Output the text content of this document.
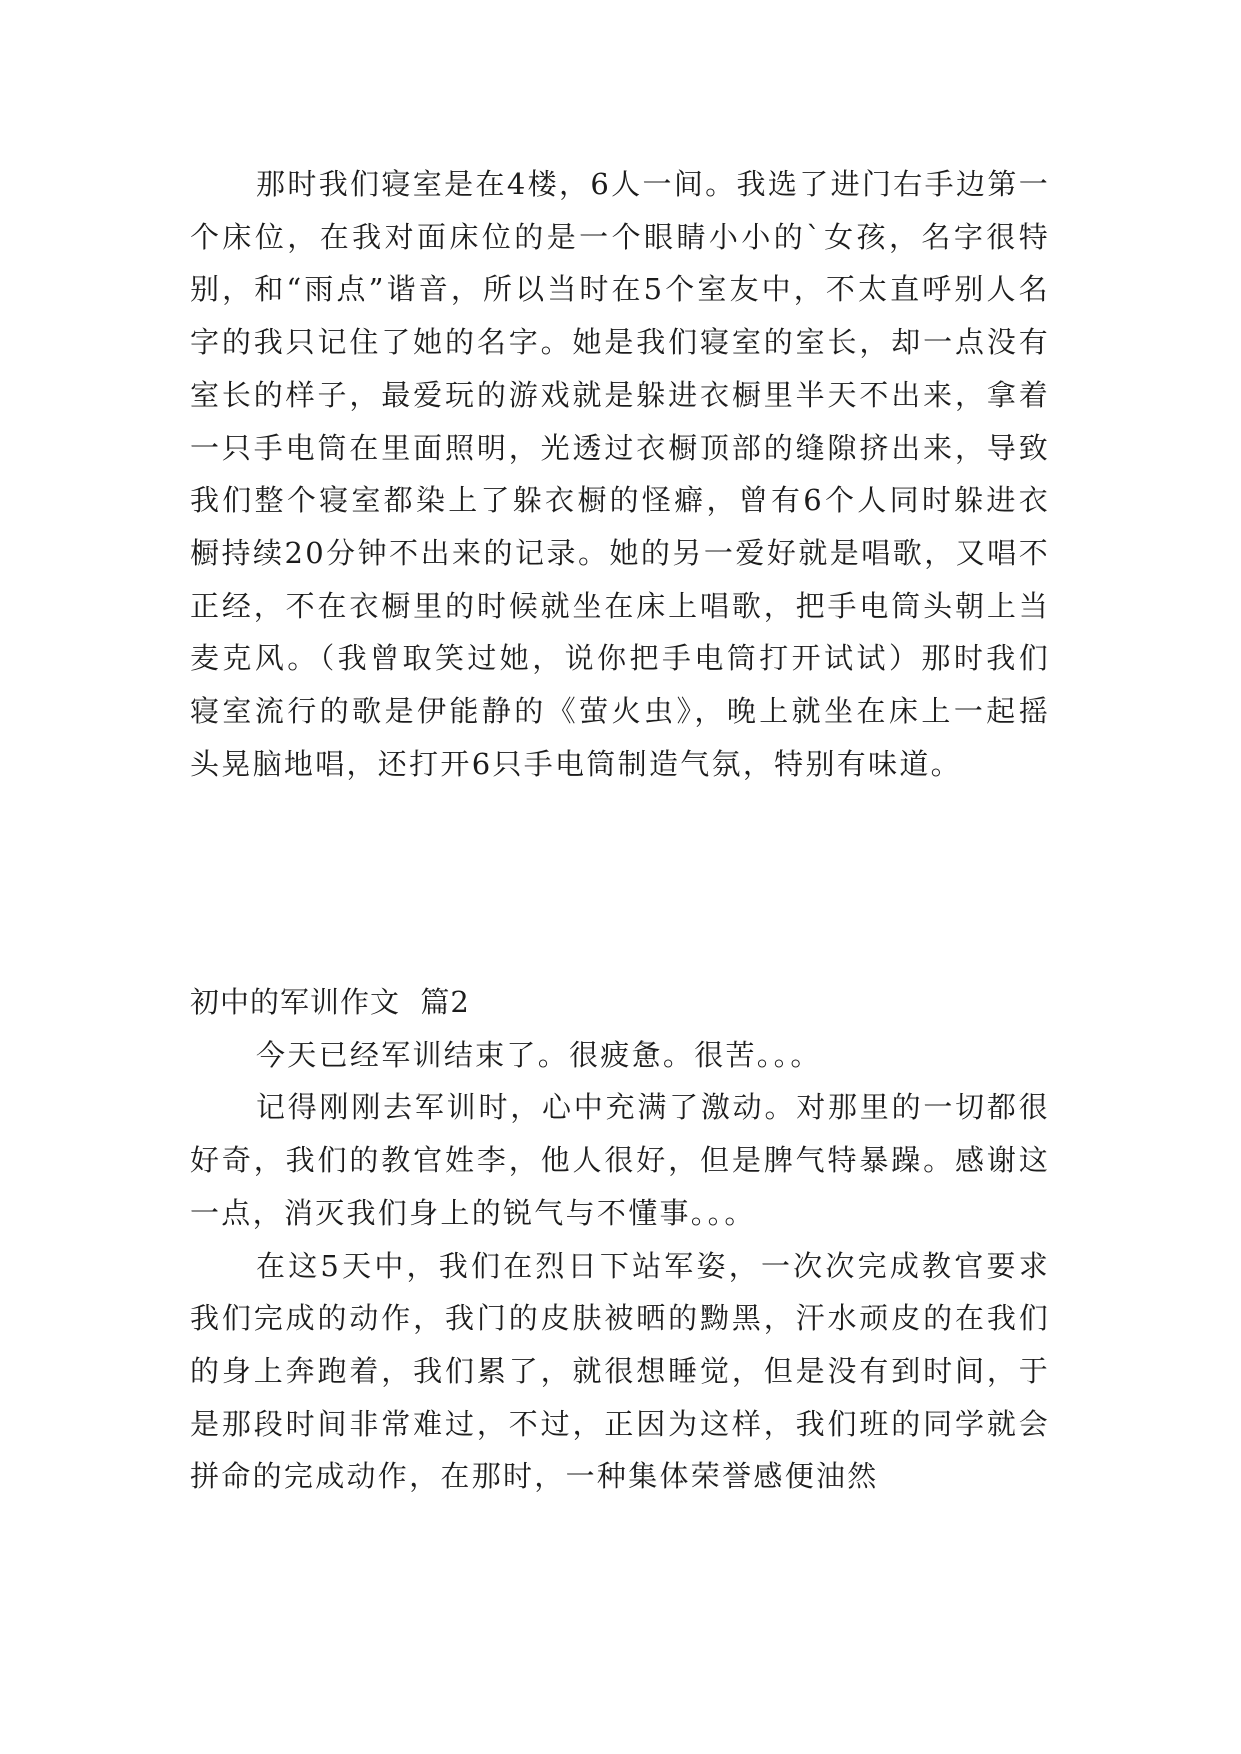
那时我们寝室是在4楼，6人一间。我选了进门右手边第一个床位，在我对面床位的是一个眼睛小小的`女孩，名字很特别，和“雨点”谐音，所以当时在5个室友中，不太直呼别人名字的我只记住了她的名字。她是我们寝室的室长，却一点没有室长的样子，最爱玩的游戏就是躲进衣橱里半天不出来，拿着一只手电筒在里面照明，光透过衣橱顶部的缝隙挤出来，导致我们整个寝室都染上了躲衣橱的怪癖，曾有6个人同时躲进衣橱持续20分钟不出来的记录。她的另一爱好就是唱歌，又唱不正经，不在衣橱里的时候就坐在床上唱歌，把手电筒头朝上当麦克风。（我曾取笑过她，说你把手电筒打开试试）那时我们寝室流行的歌是伊能静的《萤火虫》，晚上就坐在床上一起摇头晃脑地唱，还打开6只手电筒制造气氛，特别有味道。

初中的军训作文  篇2

今天已经军训结束了。很疲惫。很苦。。。

记得刚刚去军训时，心中充满了激动。对那里的一切都很好奇，我们的教官姓李，他人很好，但是脾气特暴躁。感谢这一点，消灭我们身上的锐气与不懂事。。。

在这5天中，我们在烈日下站军姿，一次次完成教官要求我们完成的动作，我门的皮肤被晒的黝黑，汗水顽皮的在我们的身上奔跑着，我们累了，就很想睡觉，但是没有到时间，于是那段时间非常难过，不过，正因为这样，我们班的同学就会拼命的完成动作，在那时，一种集体荣誉感便油然
